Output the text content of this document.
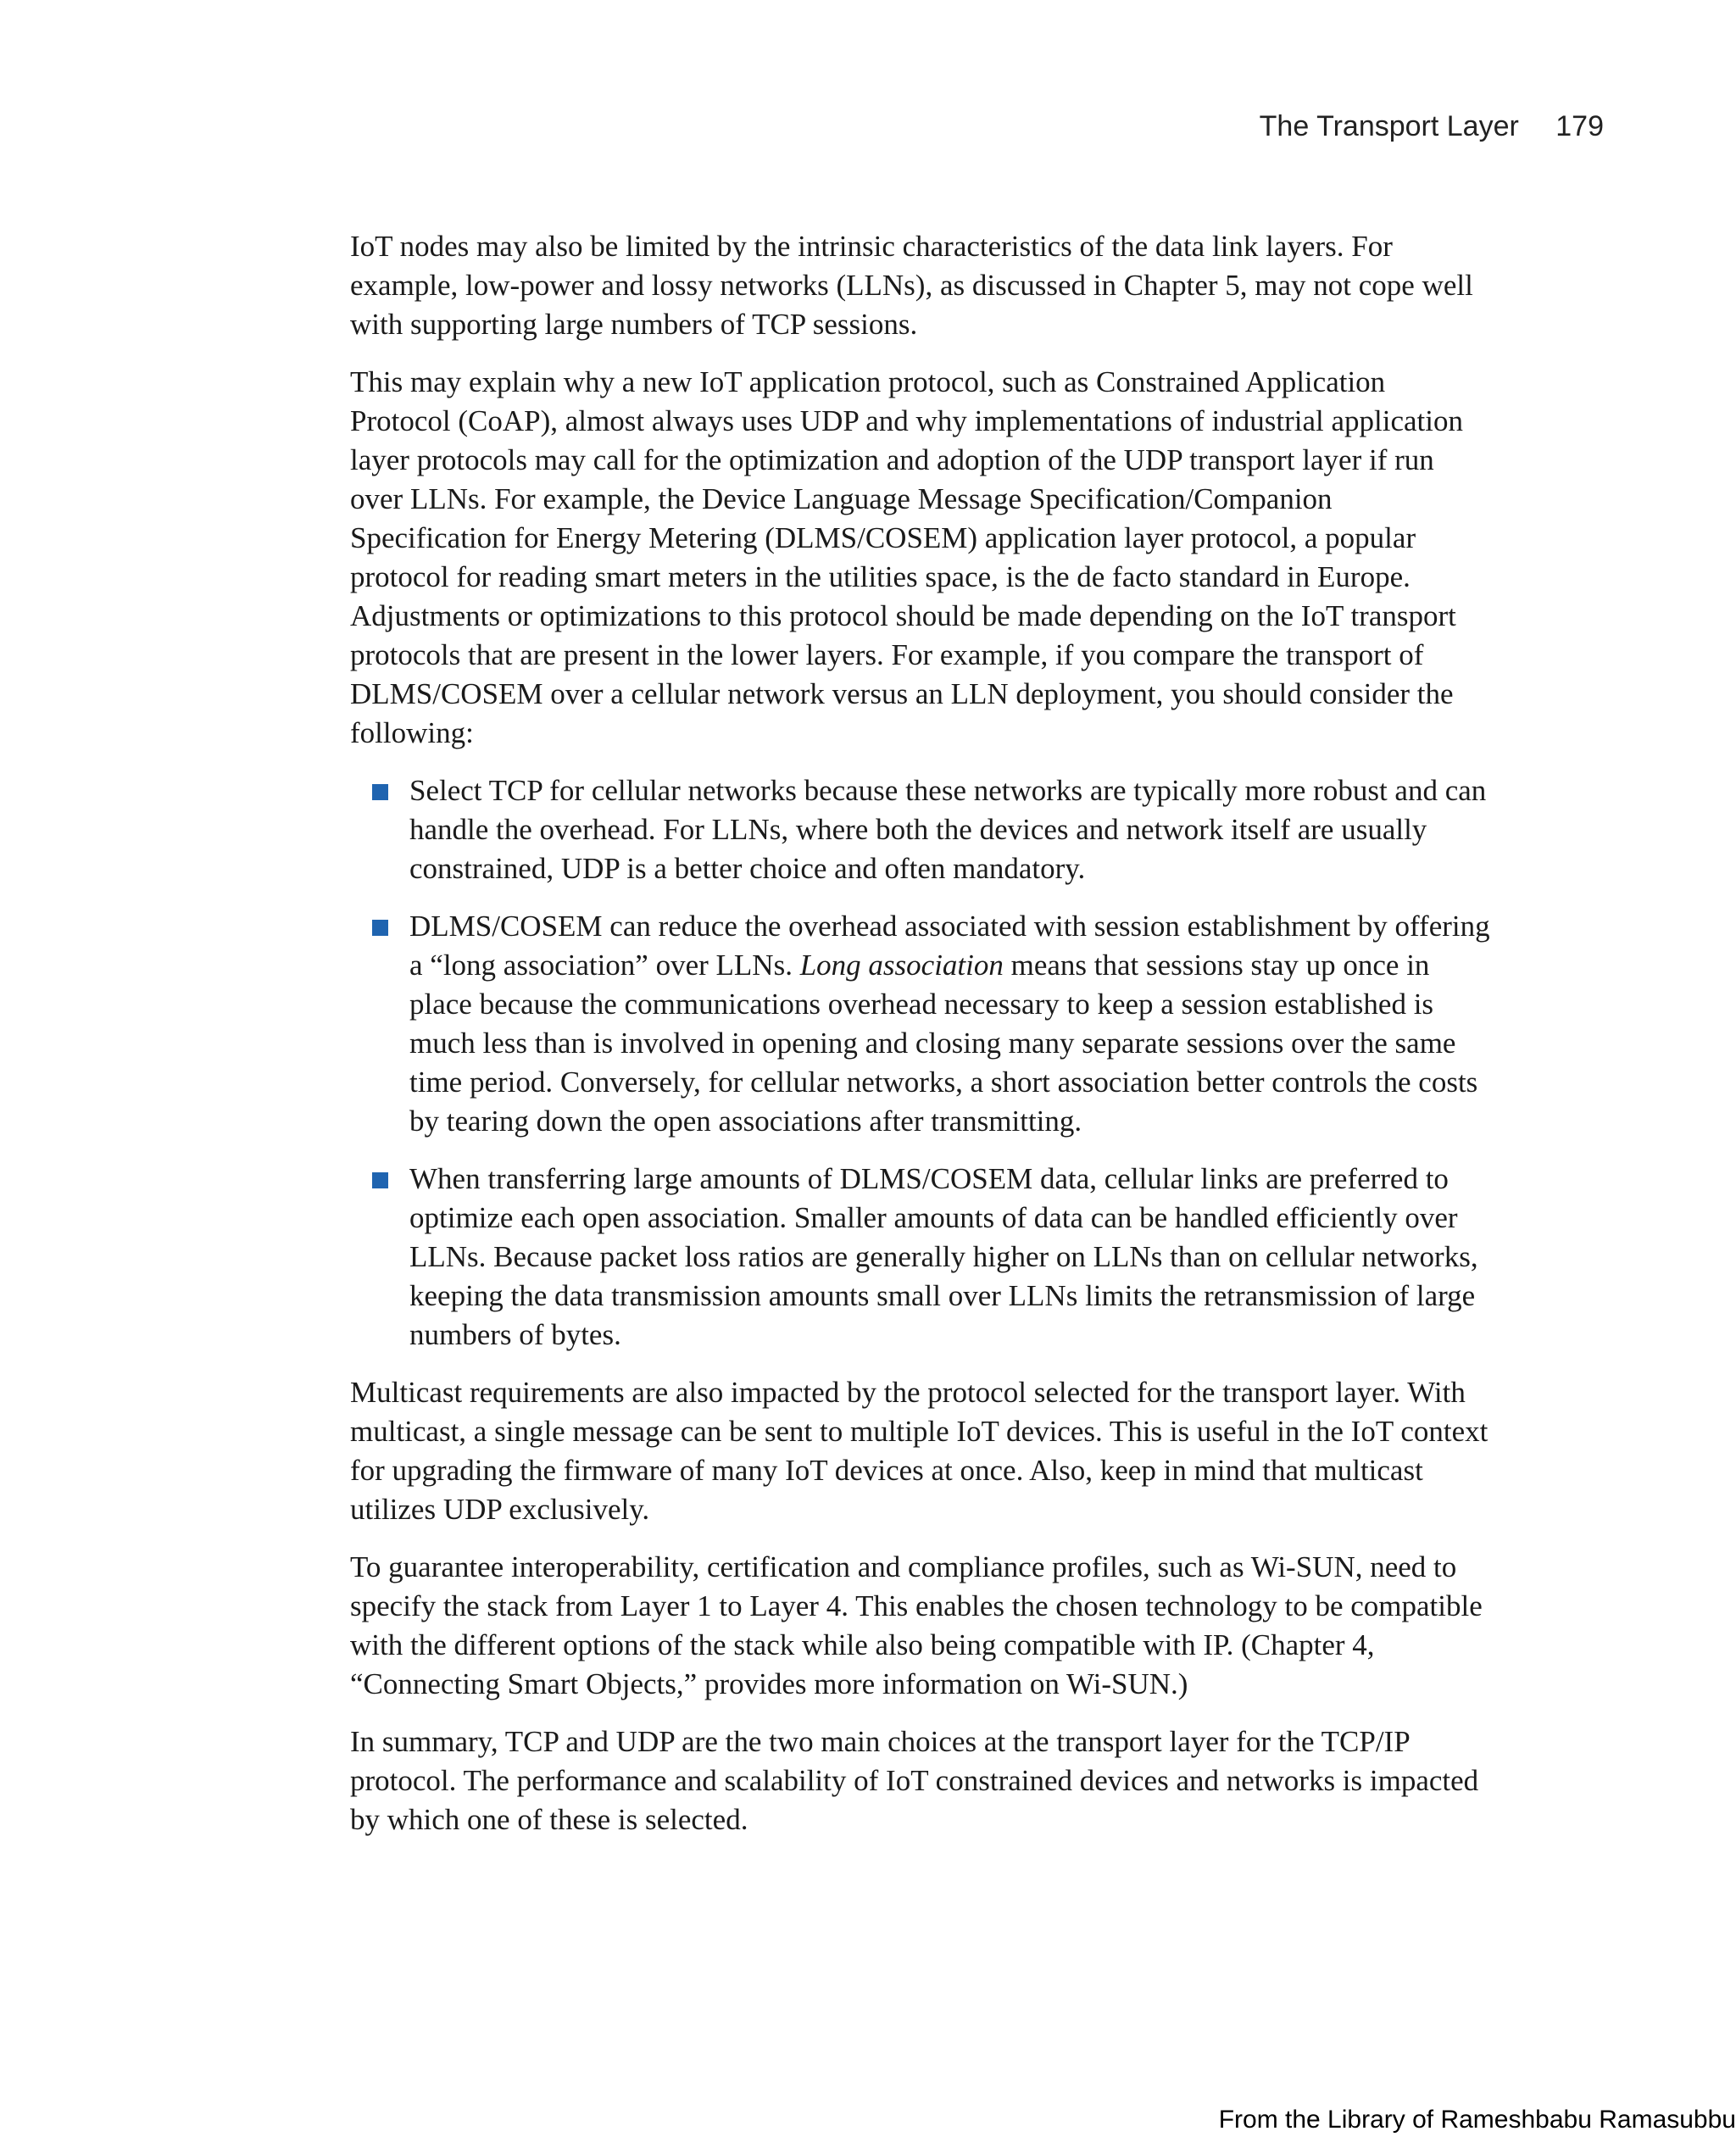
The Transport Layer 179

IoT nodes may also be limited by the intrinsic characteristics of the data link layers. For example, low-power and lossy networks (LLNs), as discussed in Chapter 5, may not cope well with supporting large numbers of TCP sessions.

This may explain why a new IoT application protocol, such as Constrained Application Protocol (CoAP), almost always uses UDP and why implementations of industrial application layer protocols may call for the optimization and adoption of the UDP transport layer if run over LLNs. For example, the Device Language Message Specification/Companion Specification for Energy Metering (DLMS/COSEM) application layer protocol, a popular protocol for reading smart meters in the utilities space, is the de facto standard in Europe. Adjustments or optimizations to this protocol should be made depending on the IoT transport protocols that are present in the lower layers. For example, if you compare the transport of DLMS/COSEM over a cellular network versus an LLN deployment, you should consider the following:

Select TCP for cellular networks because these networks are typically more robust and can handle the overhead. For LLNs, where both the devices and network itself are usually constrained, UDP is a better choice and often mandatory.
DLMS/COSEM can reduce the overhead associated with session establishment by offering a “long association” over LLNs. Long association means that sessions stay up once in place because the communications overhead necessary to keep a session established is much less than is involved in opening and closing many separate sessions over the same time period. Conversely, for cellular networks, a short association better controls the costs by tearing down the open associations after transmitting.
When transferring large amounts of DLMS/COSEM data, cellular links are preferred to optimize each open association. Smaller amounts of data can be handled efficiently over LLNs. Because packet loss ratios are generally higher on LLNs than on cellular networks, keeping the data transmission amounts small over LLNs limits the retransmission of large numbers of bytes.

Multicast requirements are also impacted by the protocol selected for the transport layer. With multicast, a single message can be sent to multiple IoT devices. This is useful in the IoT context for upgrading the firmware of many IoT devices at once. Also, keep in mind that multicast utilizes UDP exclusively.

To guarantee interoperability, certification and compliance profiles, such as Wi-SUN, need to specify the stack from Layer 1 to Layer 4. This enables the chosen technology to be compatible with the different options of the stack while also being compatible with IP. (Chapter 4, “Connecting Smart Objects,” provides more information on Wi-SUN.)

In summary, TCP and UDP are the two main choices at the transport layer for the TCP/IP protocol. The performance and scalability of IoT constrained devices and networks is impacted by which one of these is selected.

From the Library of Rameshbabu Ramasubbu
